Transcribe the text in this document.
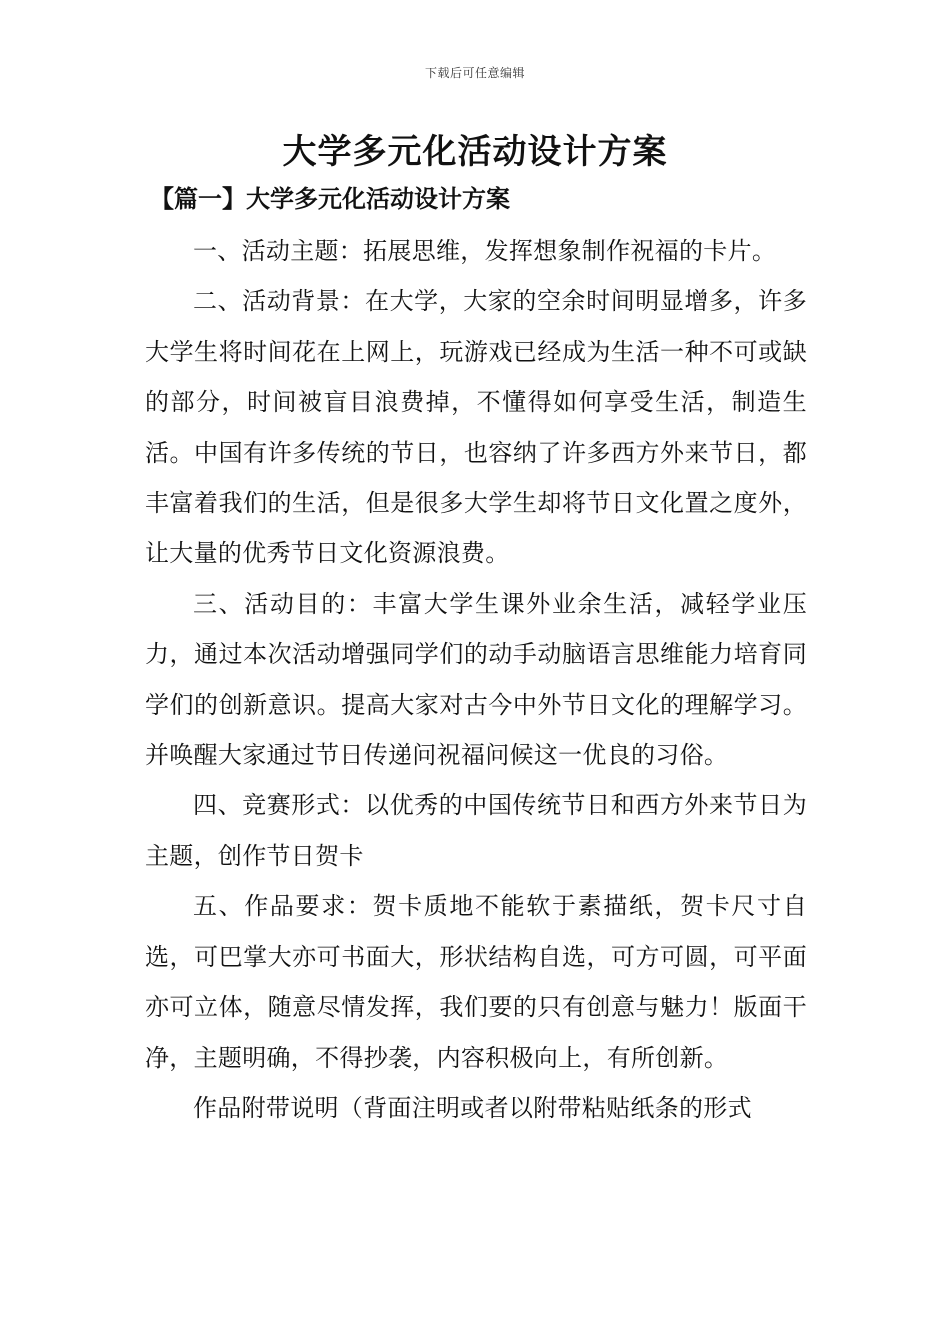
下载后可任意编辑
大学多元化活动设计方案
【篇一】大学多元化活动设计方案

一、活动主题：拓展思维，发挥想象制作祝福的卡片。

二、活动背景：在大学，大家的空余时间明显增多，许多大学生将时间花在上网上，玩游戏已经成为生活一种不可或缺的部分，时间被盲目浪费掉，不懂得如何享受生活，制造生活。中国有许多传统的节日，也容纳了许多西方外来节日，都丰富着我们的生活，但是很多大学生却将节日文化置之度外，让大量的优秀节日文化资源浪费。

三、活动目的：丰富大学生课外业余生活，减轻学业压力，通过本次活动增强同学们的动手动脑语言思维能力培育同学们的创新意识。提高大家对古今中外节日文化的理解学习。并唤醒大家通过节日传递问祝福问候这一优良的习俗。

四、竞赛形式：以优秀的中国传统节日和西方外来节日为主题，创作节日贺卡

五、作品要求：贺卡质地不能软于素描纸，贺卡尺寸自选，可巴掌大亦可书面大，形状结构自选，可方可圆，可平面亦可立体，随意尽情发挥，我们要的只有创意与魅力！版面干净，主题明确，不得抄袭，内容积极向上，有所创新。

作品附带说明（背面注明或者以附带粘贴纸条的形式
